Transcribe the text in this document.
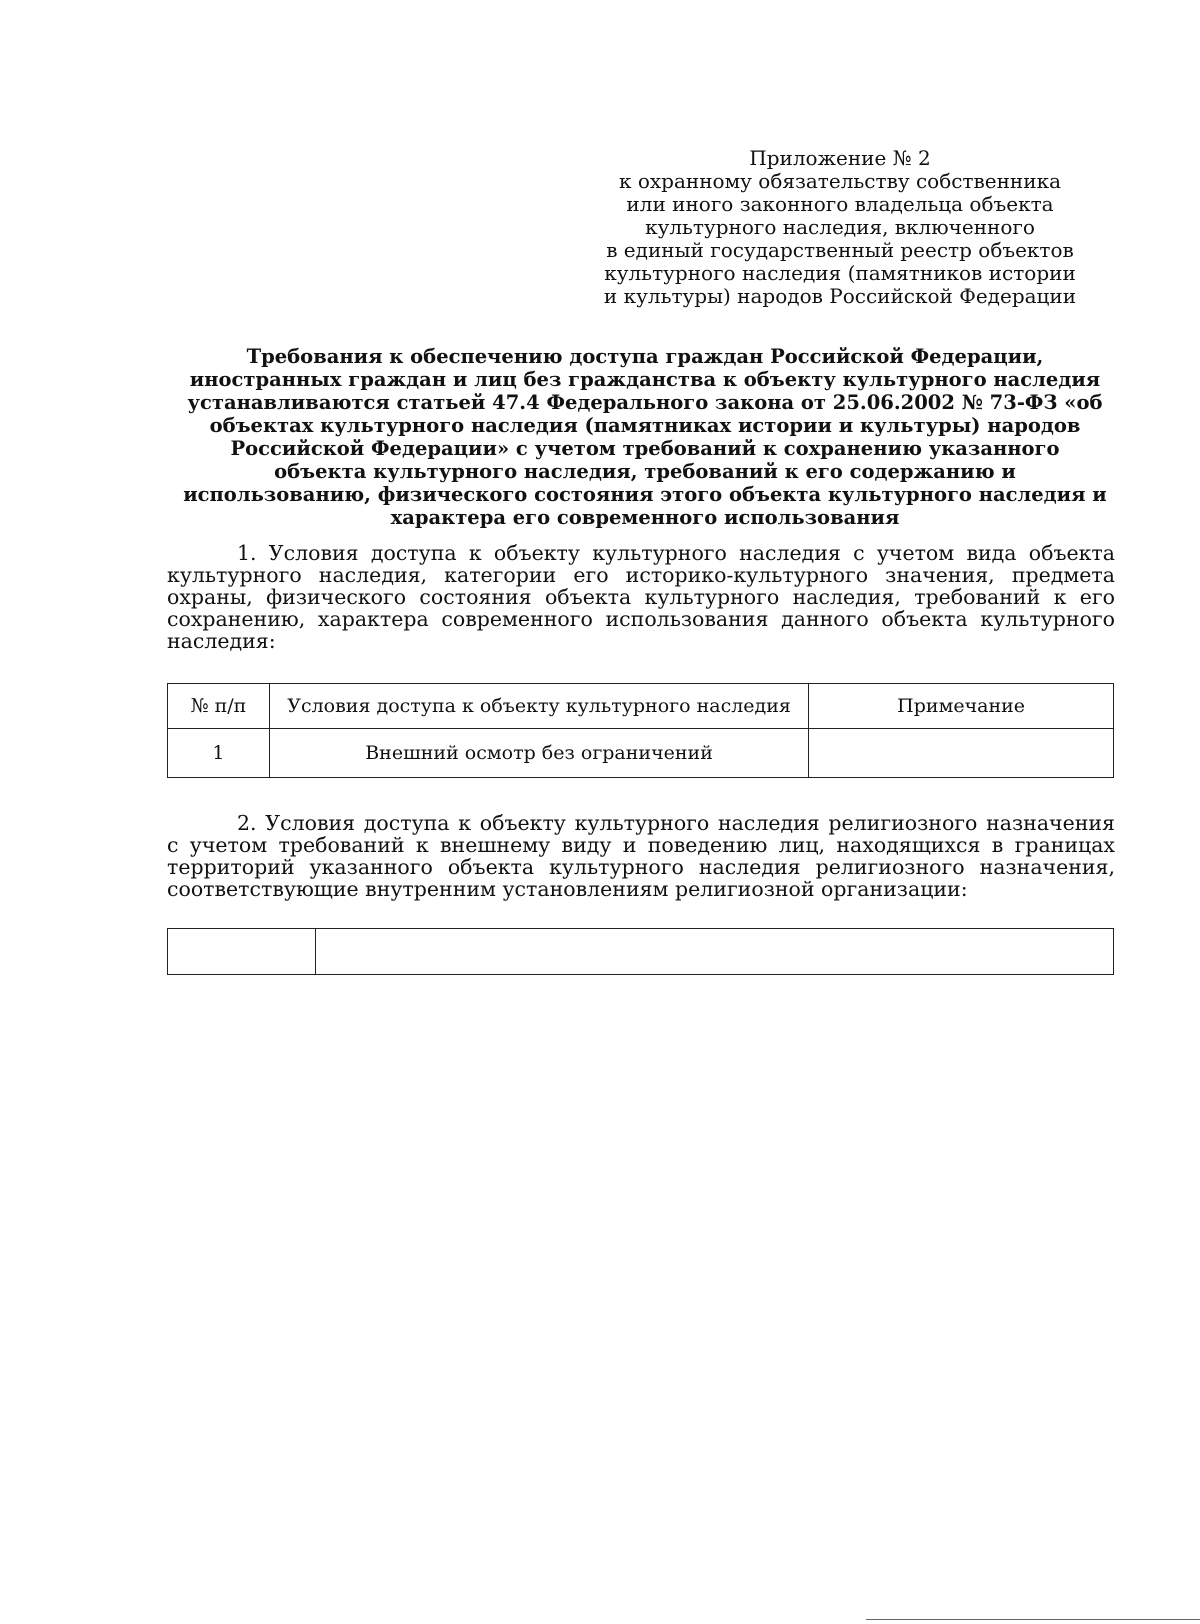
Приложение № 2
к охранному обязательству собственника
или иного законного владельца объекта
культурного наследия, включенного
в единый государственный реестр объектов
культурного наследия (памятников истории
и культуры) народов Российской Федерации
Требования к обеспечению доступа граждан Российской Федерации,
иностранных граждан и лиц без гражданства к объекту культурного наследия
устанавливаются статьей 47.4 Федерального закона от 25.06.2002 № 73-ФЗ «об
объектах культурного наследия (памятниках истории и культуры) народов
Российской Федерации» с учетом требований к сохранению указанного
объекта культурного наследия, требований к его содержанию и
использованию, физического состояния этого объекта культурного наследия и
характера его современного использования
1. Условия доступа к объекту культурного наследия с учетом вида объекта
культурного наследия, категории его историко-культурного значения, предмета
охраны, физического состояния объекта культурного наследия, требований к его
сохранению, характера современного использования данного объекта культурного
наследия:
№ п/п	Условия доступа к объекту культурного наследия	Примечание
1	Внешний осмотр без ограничений	
2. Условия доступа к объекту культурного наследия религиозного назначения
с учетом требований к внешнему виду и поведению лиц, находящихся в границах
территорий указанного объекта культурного наследия религиозного назначения,
соответствующие внутренним установлениям религиозной организации:
